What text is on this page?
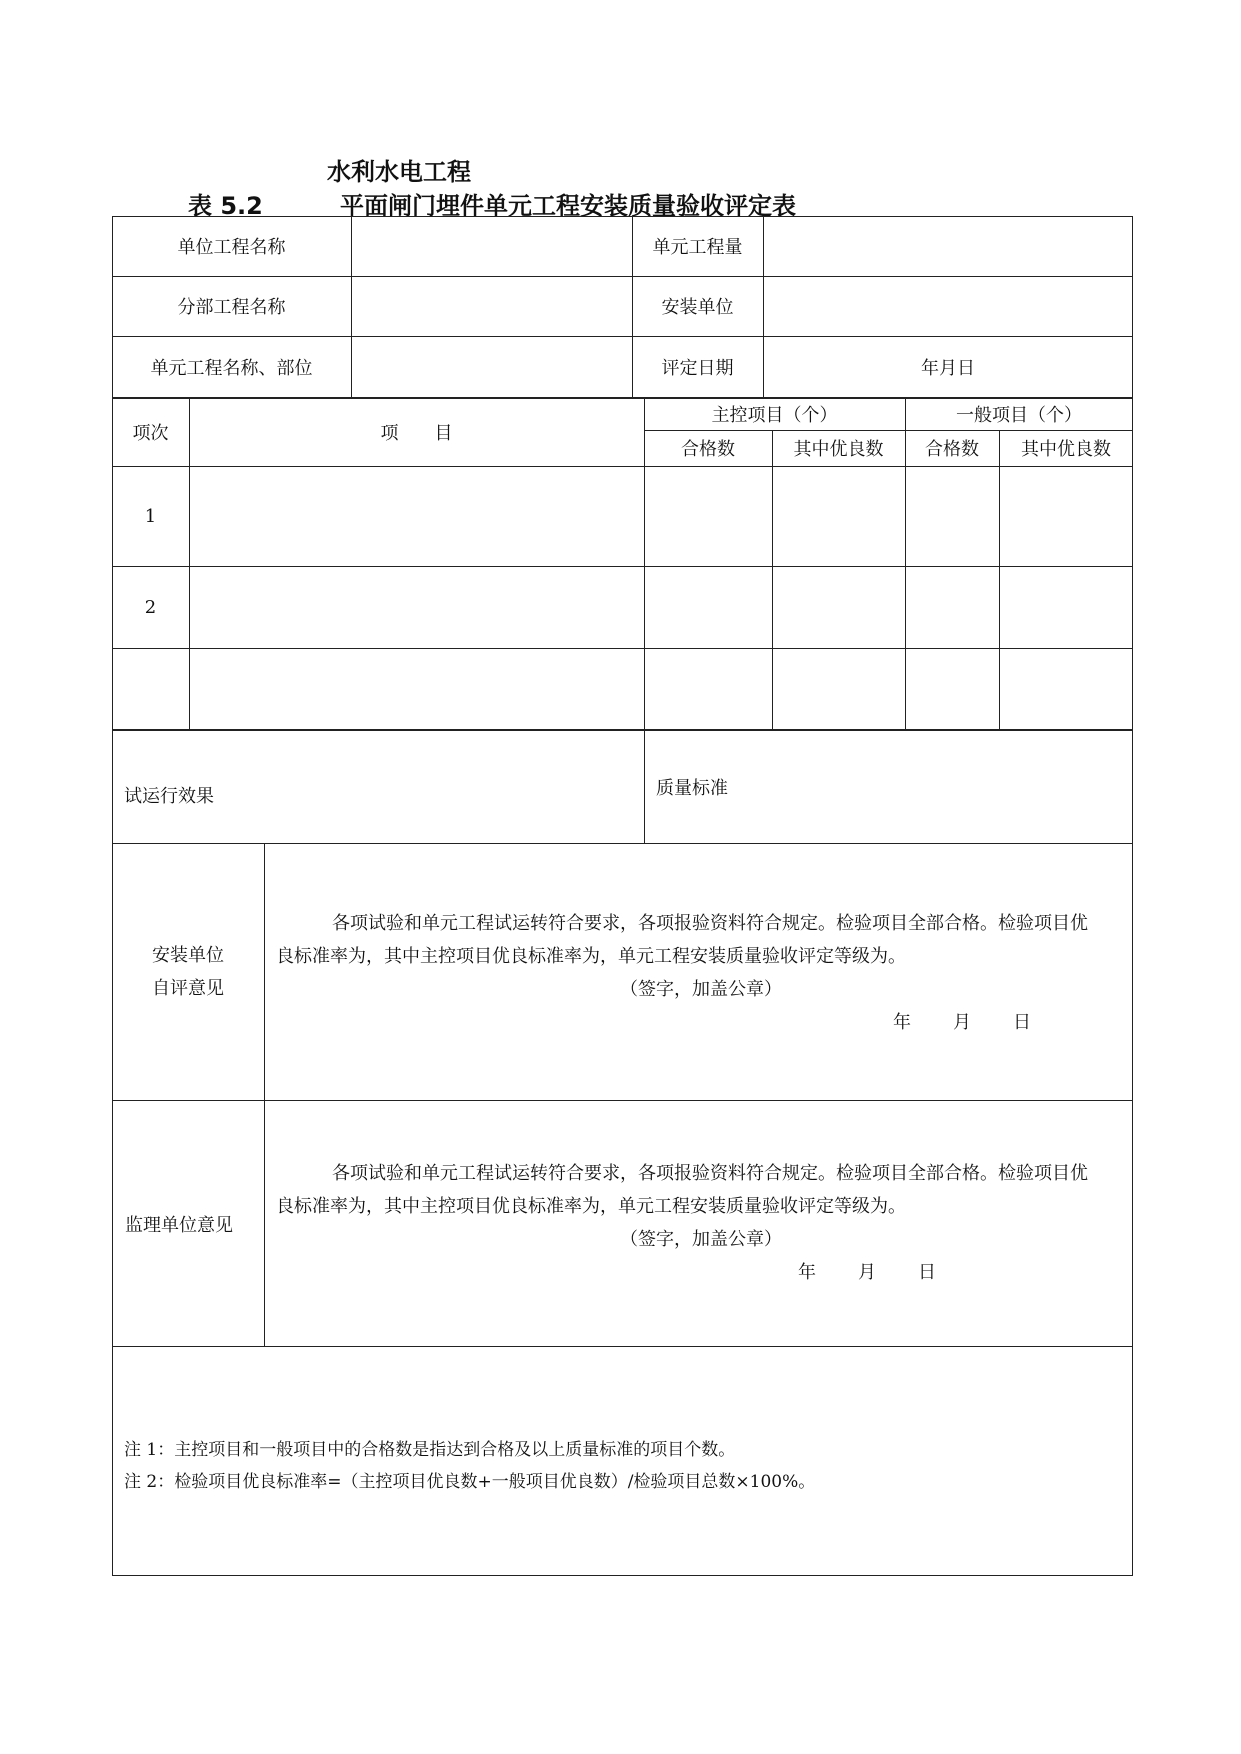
水利水电工程
表 5.2	平面闸门埋件单元工程安装质量验收评定表
单位工程名称	单元工程量
分部工程名称	安装单位
单元工程名称、部位	评定日期	年月日
项次	项　　目
主控项目（个）	一般项目（个）
合格数	其中优良数	合格数	其中优良数
1
2
试运行效果	质量标准
安装单位
自评意见

各项试验和单元工程试运转符合要求，各项报验资料符合规定。检验项目全部合格。检验项目优

良标准率为，其中主控项目优良标准率为，单元工程安装质量验收评定等级为。

（签字，加盖公章）

年 月 日

监理单位意见

各项试验和单元工程试运转符合要求，各项报验资料符合规定。检验项目全部合格。检验项目优

良标准率为，其中主控项目优良标准率为，单元工程安装质量验收评定等级为。

（签字，加盖公章）

年 月 日

注 1：主控项目和一般项目中的合格数是指达到合格及以上质量标准的项目个数。

注 2：检验项目优良标准率=（主控项目优良数+一般项目优良数）/检验项目总数×100%。
